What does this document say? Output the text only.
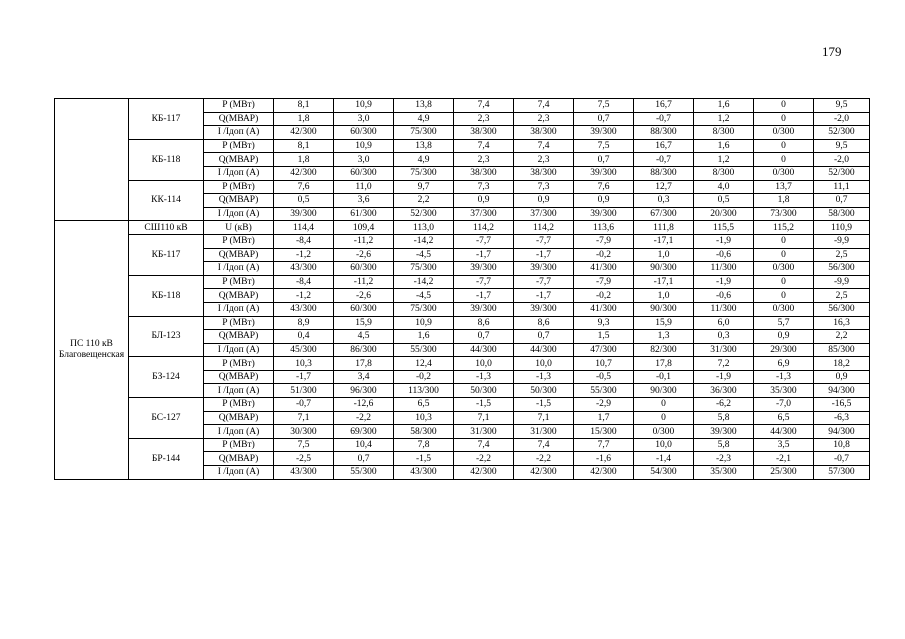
179
	КБ-117	P (МВт)	8,1	10,9	13,8	7,4	7,4	7,5	16,7	1,6	0	9,5
		Q(МВАР)	1,8	3,0	4,9	2,3	2,3	0,7	-0,7	1,2	0	-2,0
		I /Iдоп (А)	42/300	60/300	75/300	38/300	38/300	39/300	88/300	8/300	0/300	52/300
	КБ-118	P (МВт)	8,1	10,9	13,8	7,4	7,4	7,5	16,7	1,6	0	9,5
		Q(МВАР)	1,8	3,0	4,9	2,3	2,3	0,7	-0,7	1,2	0	-2,0
		I /Iдоп (А)	42/300	60/300	75/300	38/300	38/300	39/300	88/300	8/300	0/300	52/300
	КК-114	P (МВт)	7,6	11,0	9,7	7,3	7,3	7,6	12,7	4,0	13,7	11,1
		Q(МВАР)	0,5	3,6	2,2	0,9	0,9	0,9	0,3	0,5	1,8	0,7
		I /Iдоп (А)	39/300	61/300	52/300	37/300	37/300	39/300	67/300	20/300	73/300	58/300
ПС 110 кВ Благовещенская	СШ110 кВ	U (кВ)	114,4	109,4	113,0	114,2	114,2	113,6	111,8	115,5	115,2	110,9
	КБ-117	P (МВт)	-8,4	-11,2	-14,2	-7,7	-7,7	-7,9	-17,1	-1,9	0	-9,9
		Q(МВАР)	-1,2	-2,6	-4,5	-1,7	-1,7	-0,2	1,0	-0,6	0	2,5
		I /Iдоп (А)	43/300	60/300	75/300	39/300	39/300	41/300	90/300	11/300	0/300	56/300
	КБ-118	P (МВт)	-8,4	-11,2	-14,2	-7,7	-7,7	-7,9	-17,1	-1,9	0	-9,9
		Q(МВАР)	-1,2	-2,6	-4,5	-1,7	-1,7	-0,2	1,0	-0,6	0	2,5
		I /Iдоп (А)	43/300	60/300	75/300	39/300	39/300	41/300	90/300	11/300	0/300	56/300
	БЛ-123	P (МВт)	8,9	15,9	10,9	8,6	8,6	9,3	15,9	6,0	5,7	16,3
		Q(МВАР)	0,4	4,5	1,6	0,7	0,7	1,5	1,3	0,3	0,9	2,2
		I /Iдоп (А)	45/300	86/300	55/300	44/300	44/300	47/300	82/300	31/300	29/300	85/300
	БЗ-124	P (МВт)	10,3	17,8	12,4	10,0	10,0	10,7	17,8	7,2	6,9	18,2
		Q(МВАР)	-1,7	3,4	-0,2	-1,3	-1,3	-0,5	-0,1	-1,9	-1,3	0,9
		I /Iдоп (А)	51/300	96/300	113/300	50/300	50/300	55/300	90/300	36/300	35/300	94/300
	БС-127	P (МВт)	-0,7	-12,6	6,5	-1,5	-1,5	-2,9	0	-6,2	-7,0	-16,5
		Q(МВАР)	7,1	-2,2	10,3	7,1	7,1	1,7	0	5,8	6,5	-6,3
		I /Iдоп (А)	30/300	69/300	58/300	31/300	31/300	15/300	0/300	39/300	44/300	94/300
	БР-144	P (МВт)	7,5	10,4	7,8	7,4	7,4	7,7	10,0	5,8	3,5	10,8
		Q(МВАР)	-2,5	0,7	-1,5	-2,2	-2,2	-1,6	-1,4	-2,3	-2,1	-0,7
		I /Iдоп (А)	43/300	55/300	43/300	42/300	42/300	42/300	54/300	35/300	25/300	57/300
